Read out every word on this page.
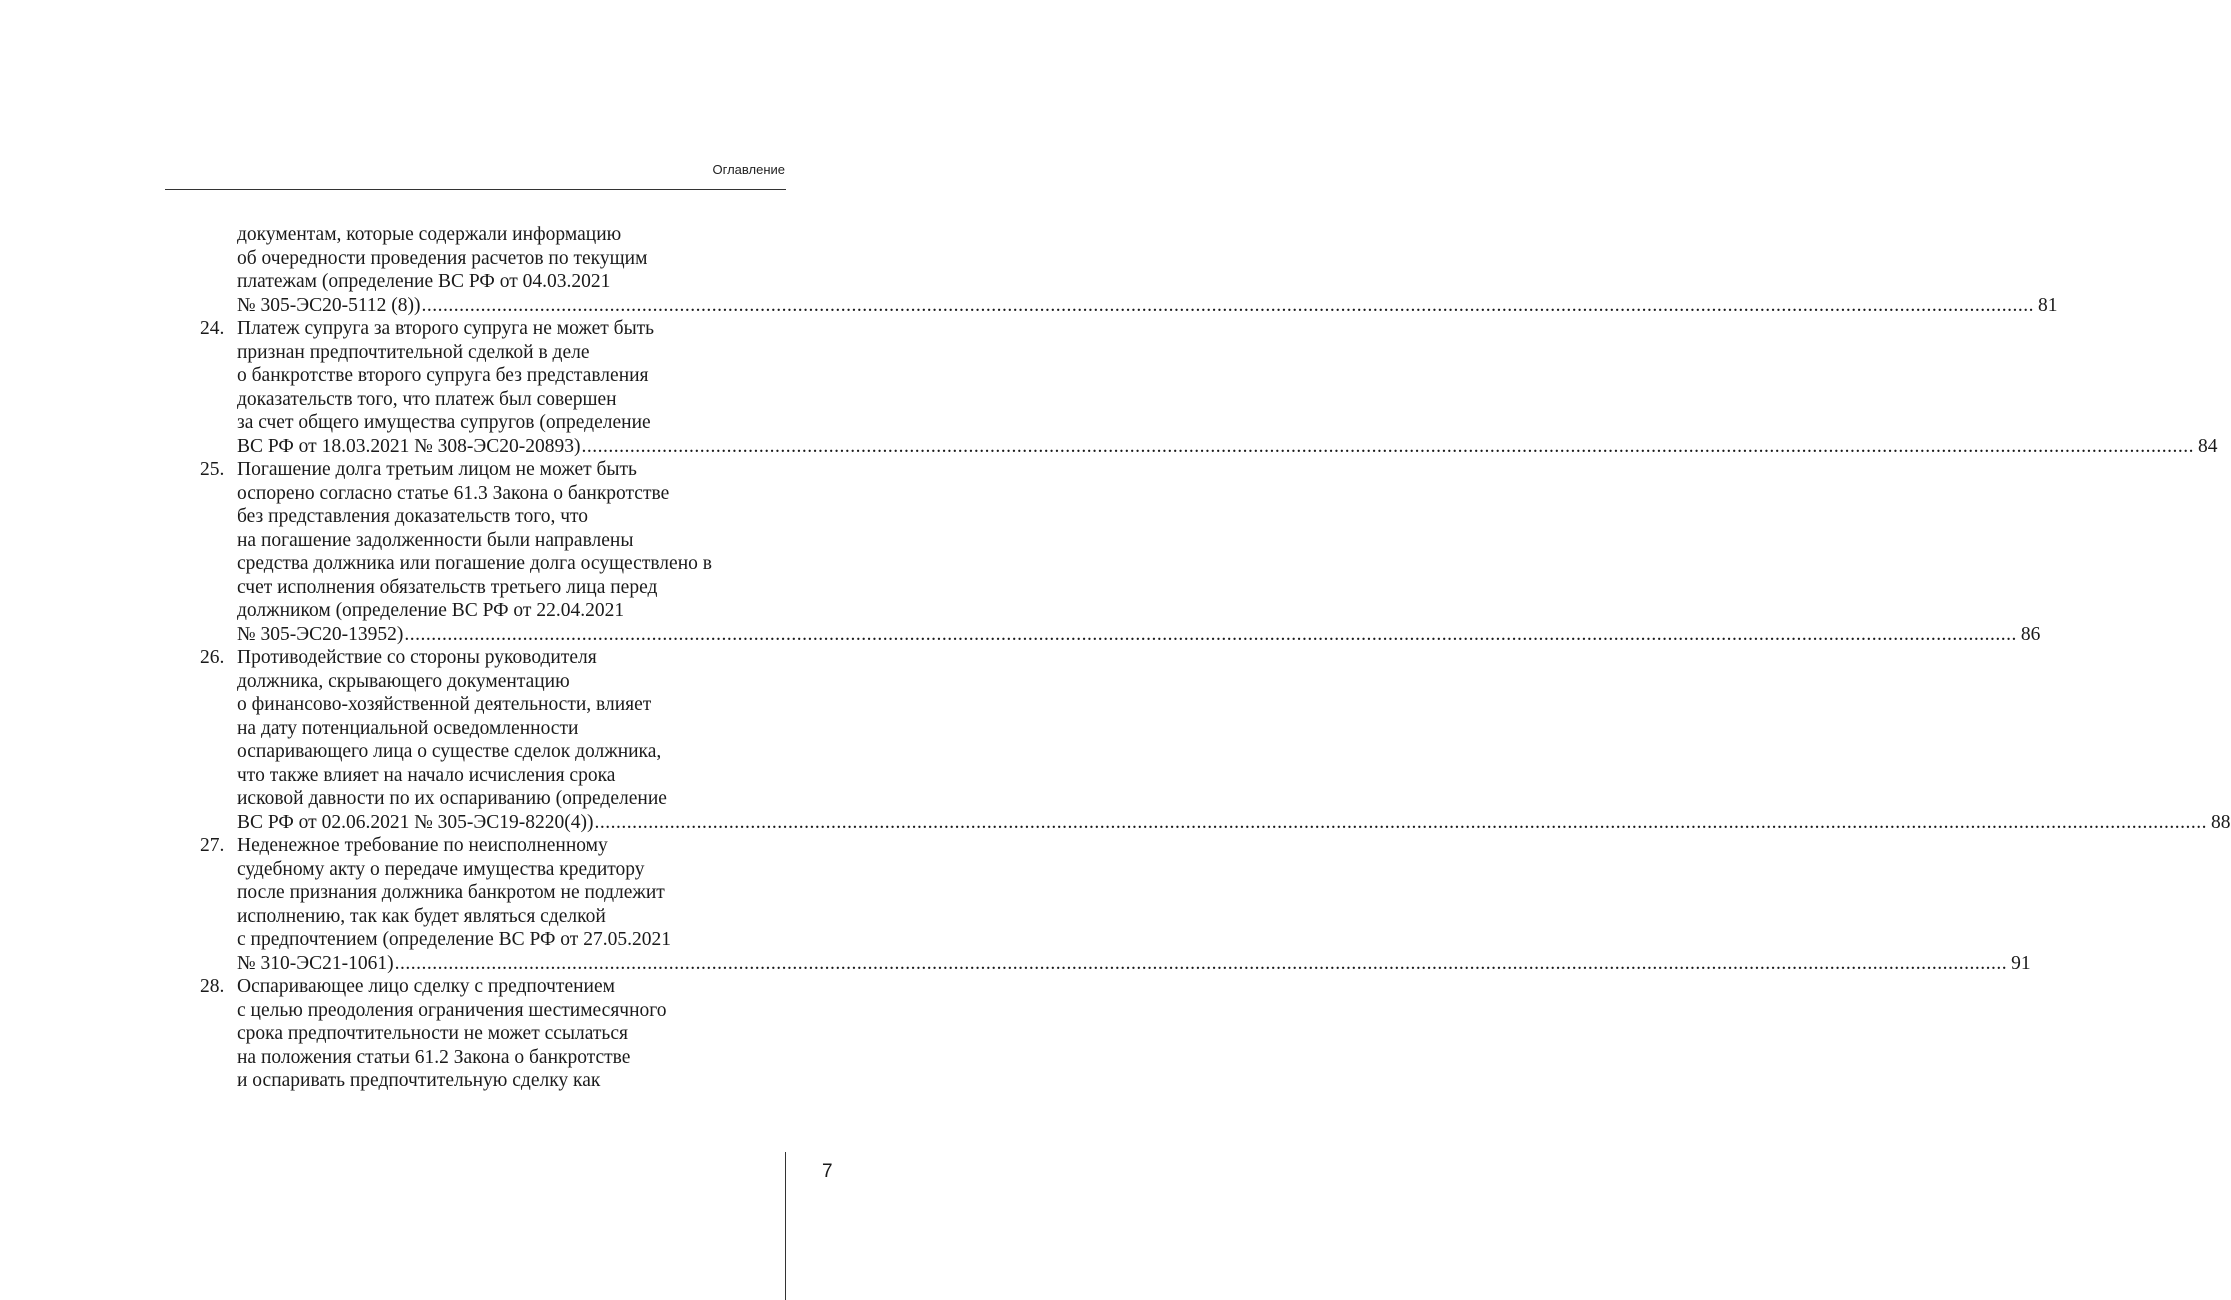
Оглавление
документам, которые содержали информацию
об очередности проведения расчетов по текущим
платежам (определение ВС РФ от 04.03.2021
№ 305-ЭС20-5112 (8)) ............................................................................................................................................................................................................................................................................................................ 81
24. Платеж супруга за второго супруга не может быть
признан предпочтительной сделкой в деле
о банкротстве второго супруга без представления
доказательств того, что платеж был совершен
за счет общего имущества супругов (определение
ВС РФ от 18.03.2021 № 308-ЭС20-20893) ............................................................................................................................................................................................................................................................................................................ 84
25. Погашение долга третьим лицом не может быть
оспорено согласно статье 61.3 Закона о банкротстве
без представления доказательств того, что
на погашение задолженности были направлены
средства должника или погашение долга осуществлено в
счет исполнения обязательств третьего лица перед
должником (определение ВС РФ от 22.04.2021
№ 305-ЭС20-13952) ............................................................................................................................................................................................................................................................................................................ 86
26. Противодействие со стороны руководителя
должника, скрывающего документацию
о финансово-хозяйственной деятельности, влияет
на дату потенциальной осведомленности
оспаривающего лица о существе сделок должника,
что также влияет на начало исчисления срока
исковой давности по их оспариванию (определение
ВС РФ от 02.06.2021 № 305-ЭС19-8220(4)) ............................................................................................................................................................................................................................................................................................................ 88
27. Неденежное требование по неисполненному
судебному акту о передаче имущества кредитору
после признания должника банкротом не подлежит
исполнению, так как будет являться сделкой
с предпочтением (определение ВС РФ от 27.05.2021
№ 310-ЭС21-1061) ............................................................................................................................................................................................................................................................................................................ 91
28. Оспаривающее лицо сделку с предпочтением
с целью преодоления ограничения шестимесячного
срока предпочтительности не может ссылаться
на положения статьи 61.2 Закона о банкротстве
и оспаривать предпочтительную сделку как
7
